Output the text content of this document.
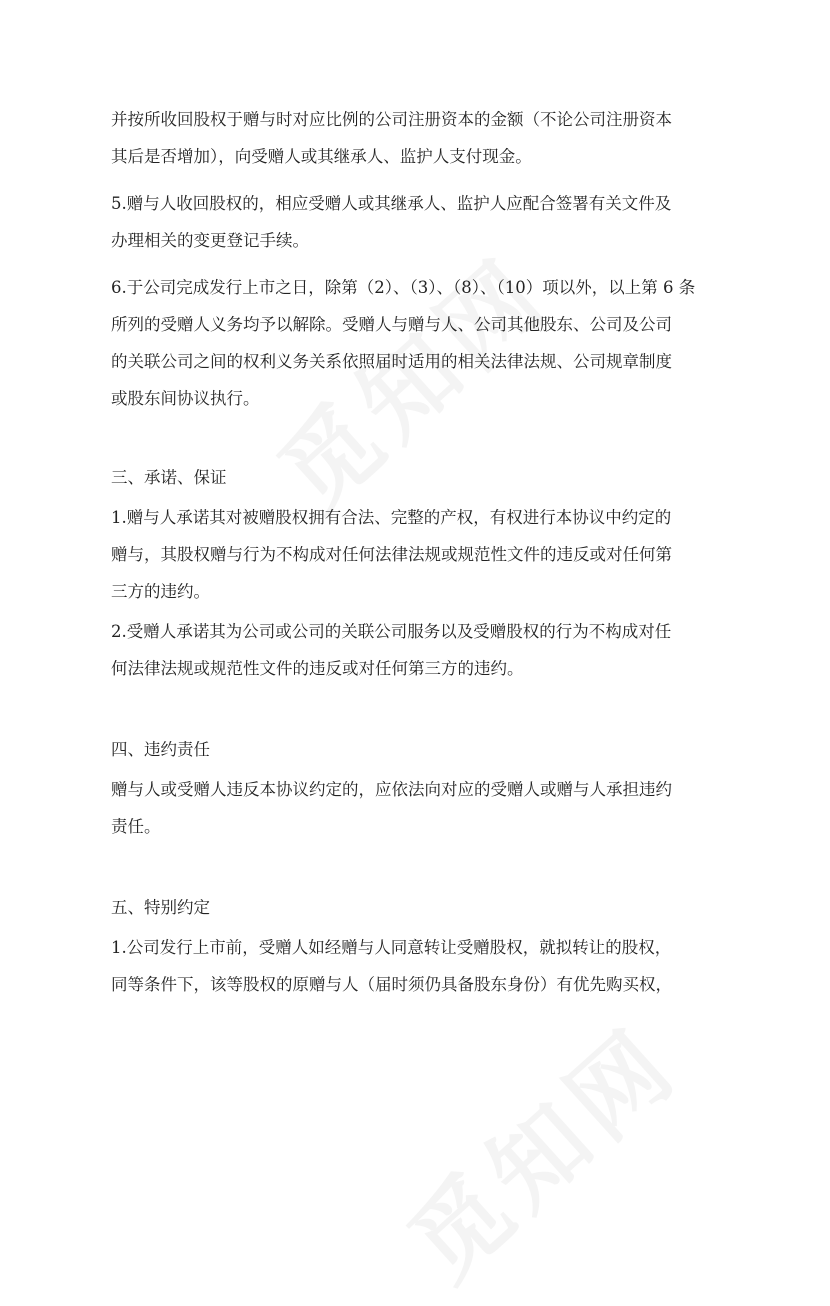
并按所收回股权于赠与时对应比例的公司注册资本的金额（不论公司注册资本

其后是否增加），向受赠人或其继承人、监护人支付现金。

5.赠与人收回股权的，相应受赠人或其继承人、监护人应配合签署有关文件及

办理相关的变更登记手续。

6.于公司完成发行上市之日，除第（2）、（3）、（8）、（10）项以外，以上第 6 条

所列的受赠人义务均予以解除。受赠人与赠与人、公司其他股东、公司及公司

的关联公司之间的权利义务关系依照届时适用的相关法律法规、公司规章制度

或股东间协议执行。

三、承诺、保证

1.赠与人承诺其对被赠股权拥有合法、完整的产权，有权进行本协议中约定的

赠与，其股权赠与行为不构成对任何法律法规或规范性文件的违反或对任何第

三方的违约。

2.受赠人承诺其为公司或公司的关联公司服务以及受赠股权的行为不构成对任

何法律法规或规范性文件的违反或对任何第三方的违约。

四、违约责任

赠与人或受赠人违反本协议约定的，应依法向对应的受赠人或赠与人承担违约

责任。

五、特别约定

1.公司发行上市前，受赠人如经赠与人同意转让受赠股权，就拟转让的股权，

同等条件下，该等股权的原赠与人（届时须仍具备股东身份）有优先购买权，
